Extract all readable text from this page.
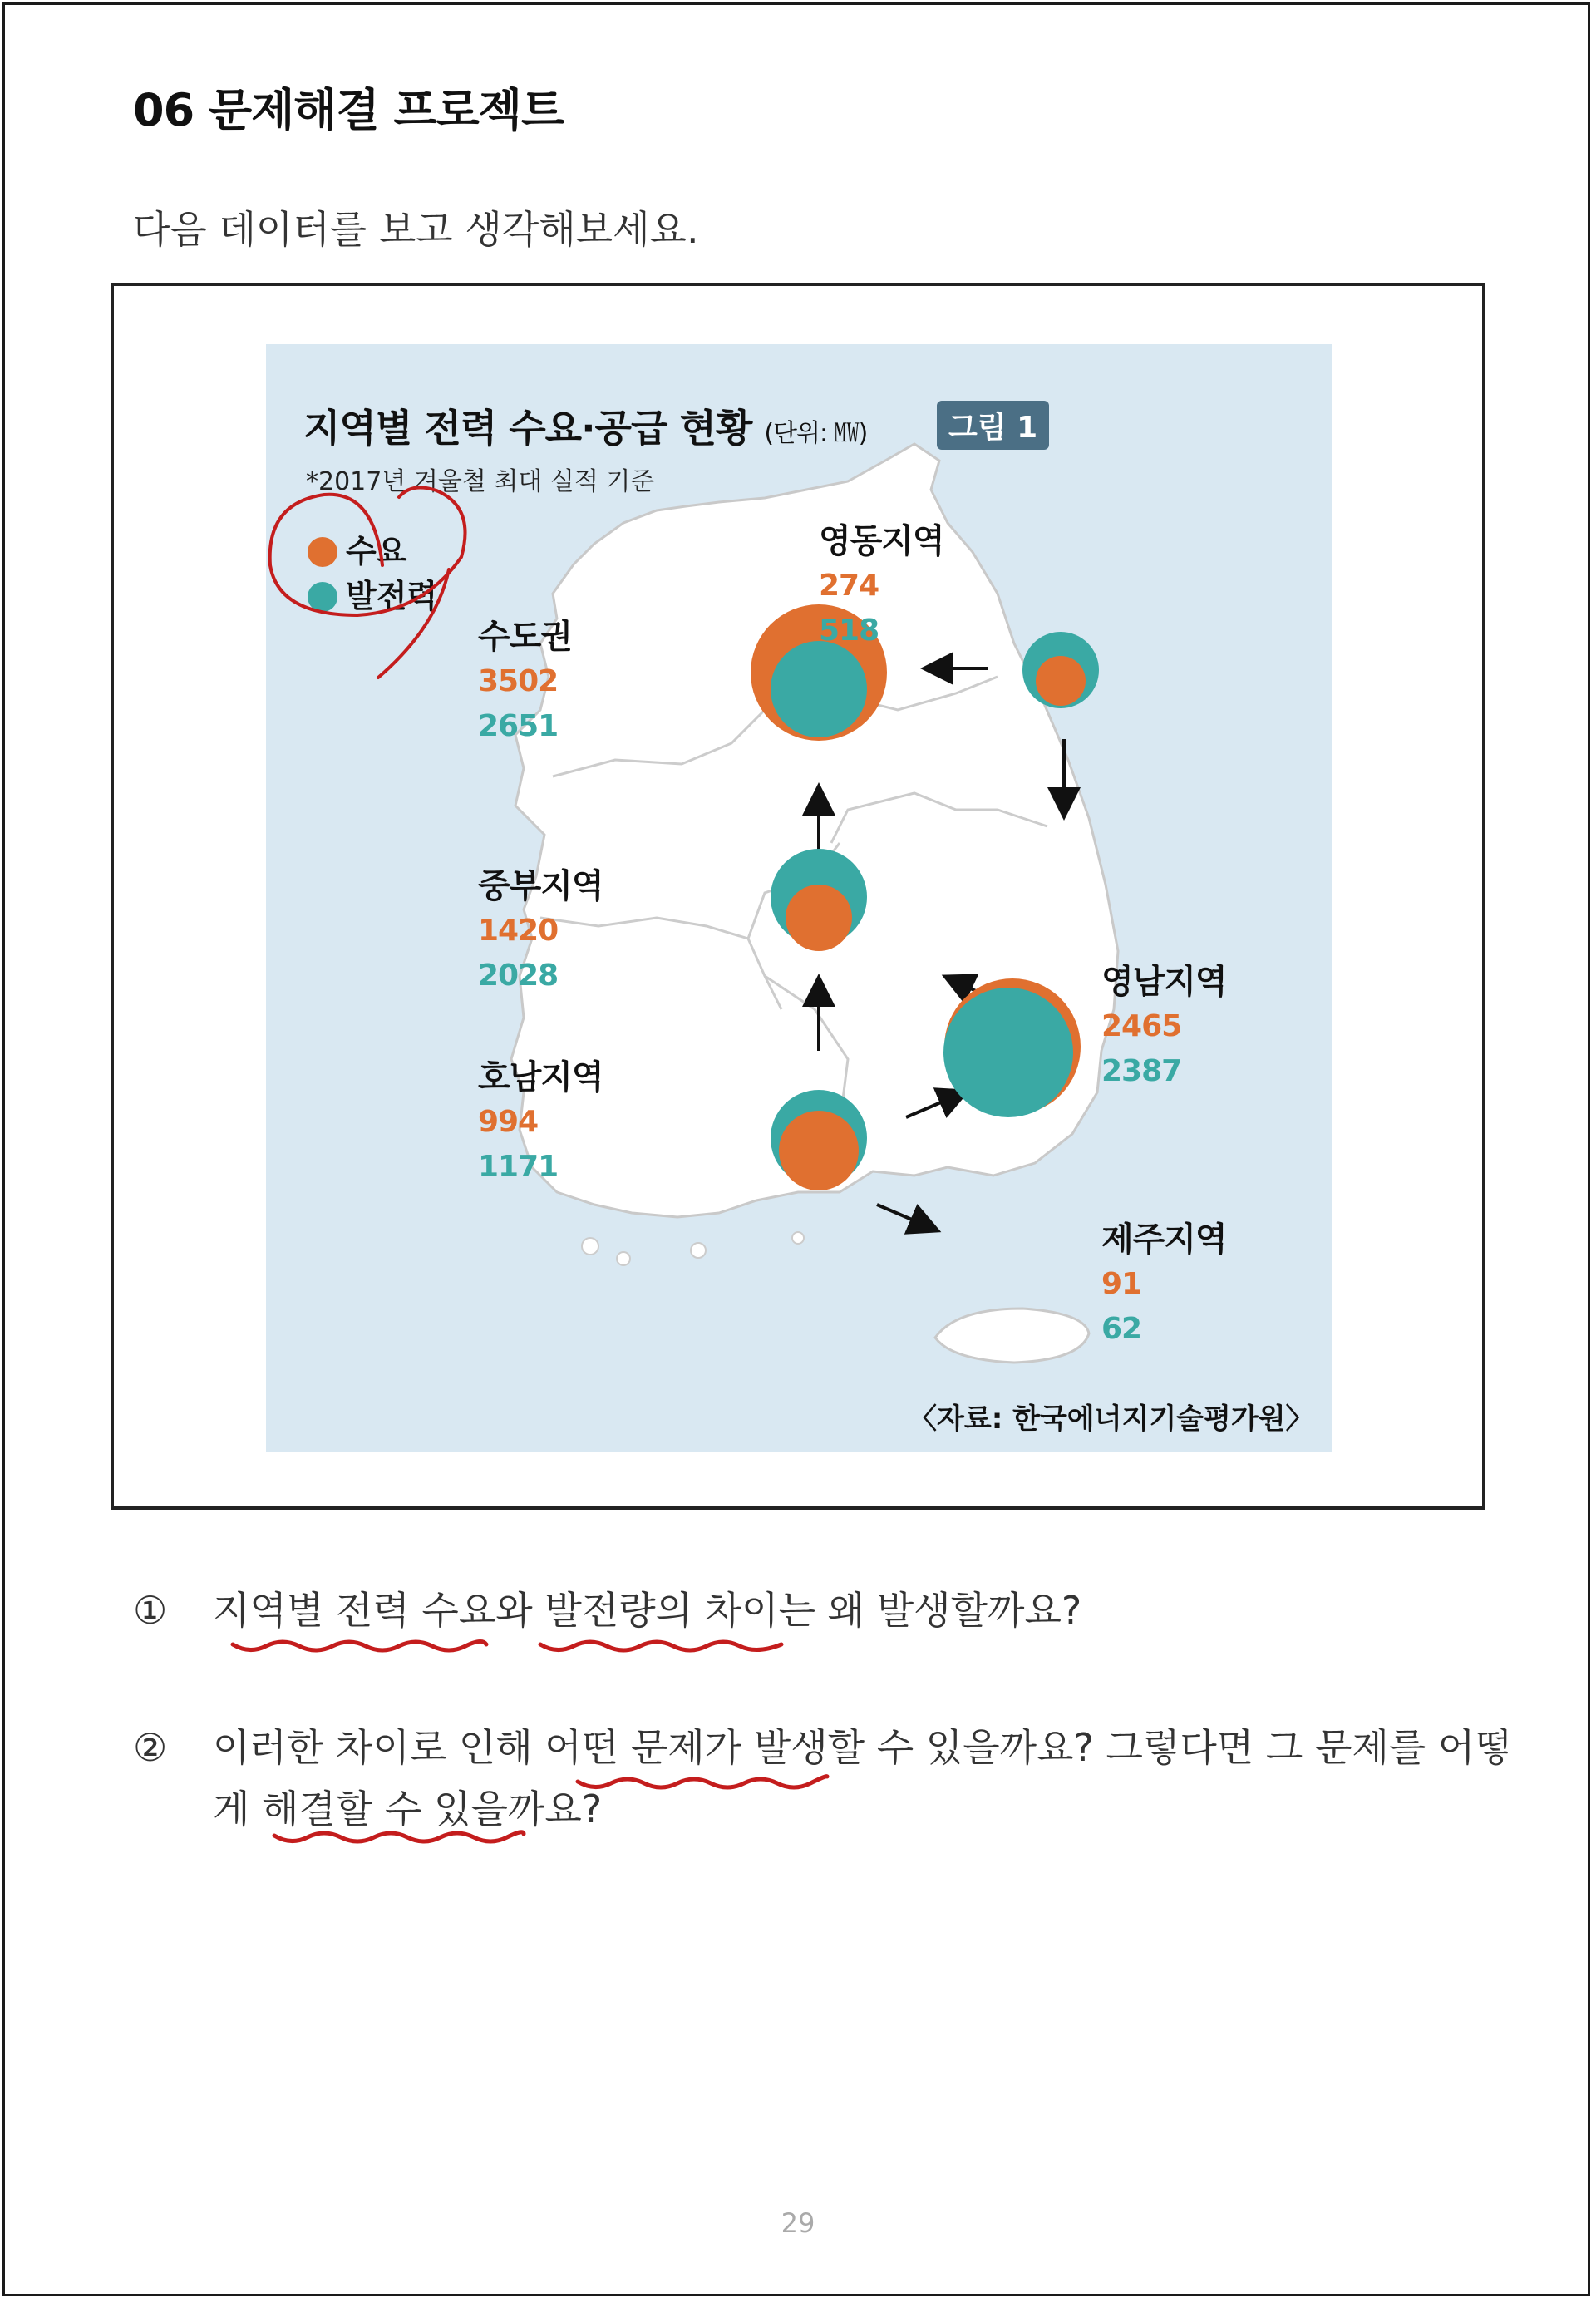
06 문제해결 프로젝트
다음 데이터를 보고 생각해보세요.
지역별 전력 수요·공급 현황 (단위: ㎿)	그림 1
*2017년 겨울철 최대 실적 기준
수요
발전력
수도권
3502
2651
영동지역
274
518
중부지역
1420
2028
호남지역
994
1171
영남지역
2465
2387
제주지역
91
62
〈자료: 한국에너지기술평가원〉
① 지역별 전력 수요와 발전량의 차이는 왜 발생할까요?
② 이러한 차이로 인해 어떤 문제가 발생할 수 있을까요? 그렇다면 그 문제를 어떻게 해결할 수 있을까요?
29
